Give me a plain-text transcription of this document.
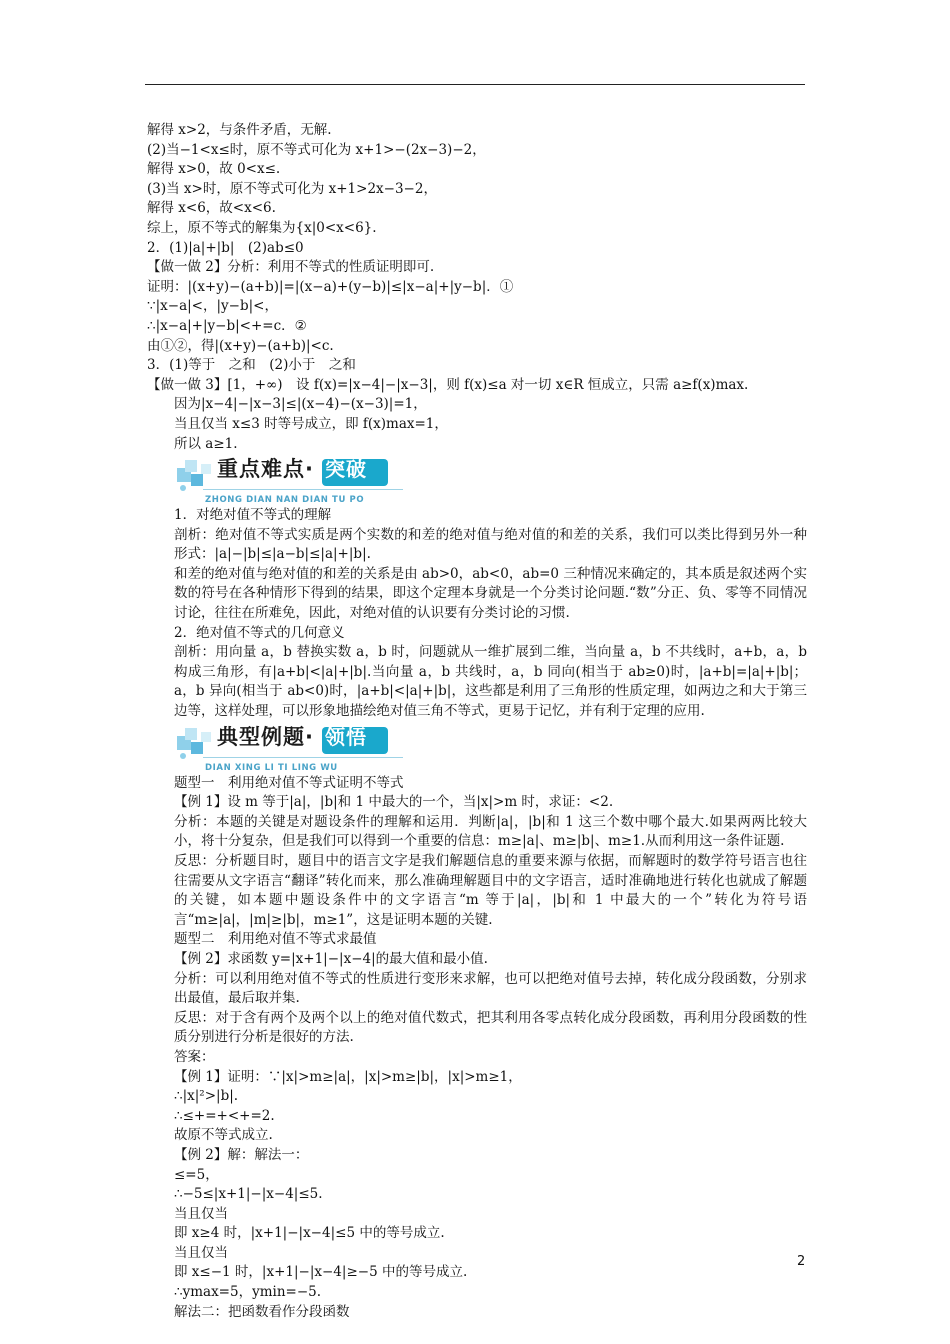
解得 x>2，与条件矛盾，无解.
(2)当−1<x≤时，原不等式可化为 x+1>−(2x−3)−2，
解得 x>0，故 0<x≤.
(3)当 x>时，原不等式可化为 x+1>2x−3−2，
解得 x<6，故<x<6.
综上，原不等式的解集为{x|0<x<6}.
2．(1)|a|+|b|　(2)ab≤0
【做一做 2】分析：利用不等式的性质证明即可.
证明：|(x+y)−(a+b)|=|(x−a)+(y−b)|≤|x−a|+|y−b|．①
∵|x−a|<，|y−b|<，
∴|x−a|+|y−b|<+=c．②
由①②，得|(x+y)−(a+b)|<c.
3．(1)等于　之和　(2)小于　之和
【做一做 3】[1，+∞)　设 f(x)=|x−4|−|x−3|，则 f(x)≤a 对一切 x∈R 恒成立，只需 a≥f(x)max.
因为|x−4|−|x−3|≤|(x−4)−(x−3)|=1，
当且仅当 x≤3 时等号成立，即 f(x)max=1，
所以 a≥1.
重点难点· 突破
ZHONG DIAN NAN DIAN TU PO
1．对绝对值不等式的理解
剖析：绝对值不等式实质是两个实数的和差的绝对值与绝对值的和差的关系，我们可以类比得到另外一种形式：|a|−|b|≤|a−b|≤|a|+|b|.
和差的绝对值与绝对值的和差的关系是由 ab>0，ab<0，ab=0 三种情况来确定的，其本质是叙述两个实数的符号在各种情形下得到的结果，即这个定理本身就是一个分类讨论问题.“数”分正、负、零等不同情况讨论，往往在所难免，因此，对绝对值的认识要有分类讨论的习惯.
2．绝对值不等式的几何意义
剖析：用向量 a，b 替换实数 a，b 时，问题就从一维扩展到二维，当向量 a，b 不共线时，a+b，a，b 构成三角形，有|a+b|<|a|+|b|.当向量 a，b 共线时，a，b 同向(相当于 ab≥0)时，|a+b|=|a|+|b|；a，b 异向(相当于 ab<0)时，|a+b|<|a|+|b|，这些都是利用了三角形的性质定理，如两边之和大于第三边等，这样处理，可以形象地描绘绝对值三角不等式，更易于记忆，并有利于定理的应用.
典型例题· 领悟
DIAN XING LI TI LING WU
题型一　利用绝对值不等式证明不等式
【例 1】设 m 等于|a|，|b|和 1 中最大的一个，当|x|>m 时，求证：<2.
分析：本题的关键是对题设条件的理解和运用．判断|a|，|b|和 1 这三个数中哪个最大.如果两两比较大小，将十分复杂，但是我们可以得到一个重要的信息：m≥|a|、m≥|b|、m≥1.从而利用这一条件证题.
反思：分析题目时，题目中的语言文字是我们解题信息的重要来源与依据，而解题时的数学符号语言也往往需要从文字语言“翻译”转化而来，那么准确理解题目中的文字语言，适时准确地进行转化也就成了解题的关键，如本题中题设条件中的文字语言“m 等于|a|，|b|和 1 中最大的一个”转化为符号语言“m≥|a|，|m|≥|b|，m≥1”，这是证明本题的关键.
题型二　利用绝对值不等式求最值
【例 2】求函数 y=|x+1|−|x−4|的最大值和最小值.
分析：可以利用绝对值不等式的性质进行变形来求解，也可以把绝对值号去掉，转化成分段函数，分别求出最值，最后取并集.
反思：对于含有两个及两个以上的绝对值代数式，把其利用各零点转化成分段函数，再利用分段函数的性质分别进行分析是很好的方法.
答案：
【例 1】证明：∵|x|>m≥|a|，|x|>m≥|b|，|x|>m≥1，
∴|x|²>|b|.
∴≤+=+<+=2.
故原不等式成立.
【例 2】解：解法一：
≤=5，
∴−5≤|x+1|−|x−4|≤5.
当且仅当
即 x≥4 时，|x+1|−|x−4|≤5 中的等号成立.
当且仅当
即 x≤−1 时，|x+1|−|x−4|≥−5 中的等号成立.
∴ymax=5，ymin=−5.
解法二：把函数看作分段函数
2
